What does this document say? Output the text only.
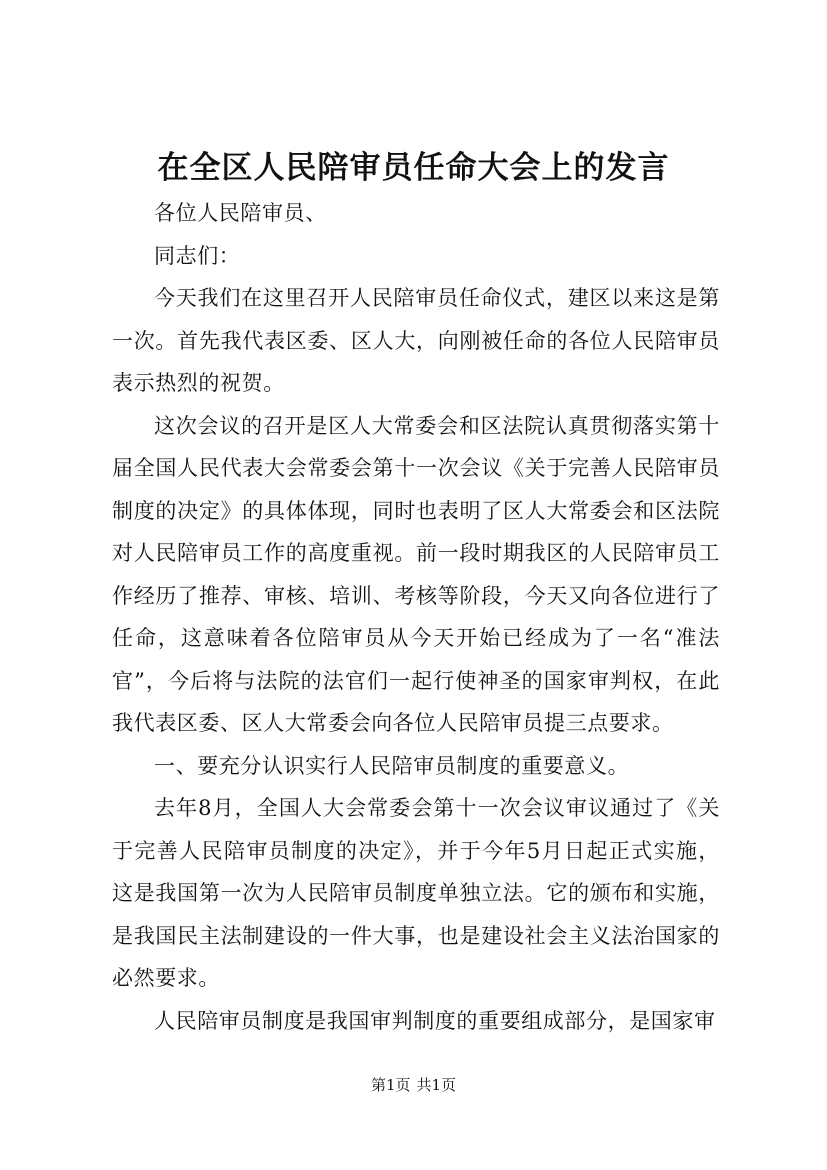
在全区人民陪审员任命大会上的发言

各位人民陪审员、

同志们：

今天我们在这里召开人民陪审员任命仪式，建区以来这是第一次。首先我代表区委、区人大，向刚被任命的各位人民陪审员表示热烈的祝贺。

这次会议的召开是区人大常委会和区法院认真贯彻落实第十届全国人民代表大会常委会第十一次会议《关于完善人民陪审员制度的决定》的具体体现，同时也表明了区人大常委会和区法院对人民陪审员工作的高度重视。前一段时期我区的人民陪审员工作经历了推荐、审核、培训、考核等阶段，今天又向各位进行了任命，这意味着各位陪审员从今天开始已经成为了一名“准法官”，今后将与法院的法官们一起行使神圣的国家审判权，在此我代表区委、区人大常委会向各位人民陪审员提三点要求。

一、要充分认识实行人民陪审员制度的重要意义。

去年8月，全国人大会常委会第十一次会议审议通过了《关于完善人民陪审员制度的决定》，并于今年5月日起正式实施，这是我国第一次为人民陪审员制度单独立法。它的颁布和实施，是我国民主法制建设的一件大事，也是建设社会主义法治国家的必然要求。

人民陪审员制度是我国审判制度的重要组成部分，是国家审

第1页 共1页
